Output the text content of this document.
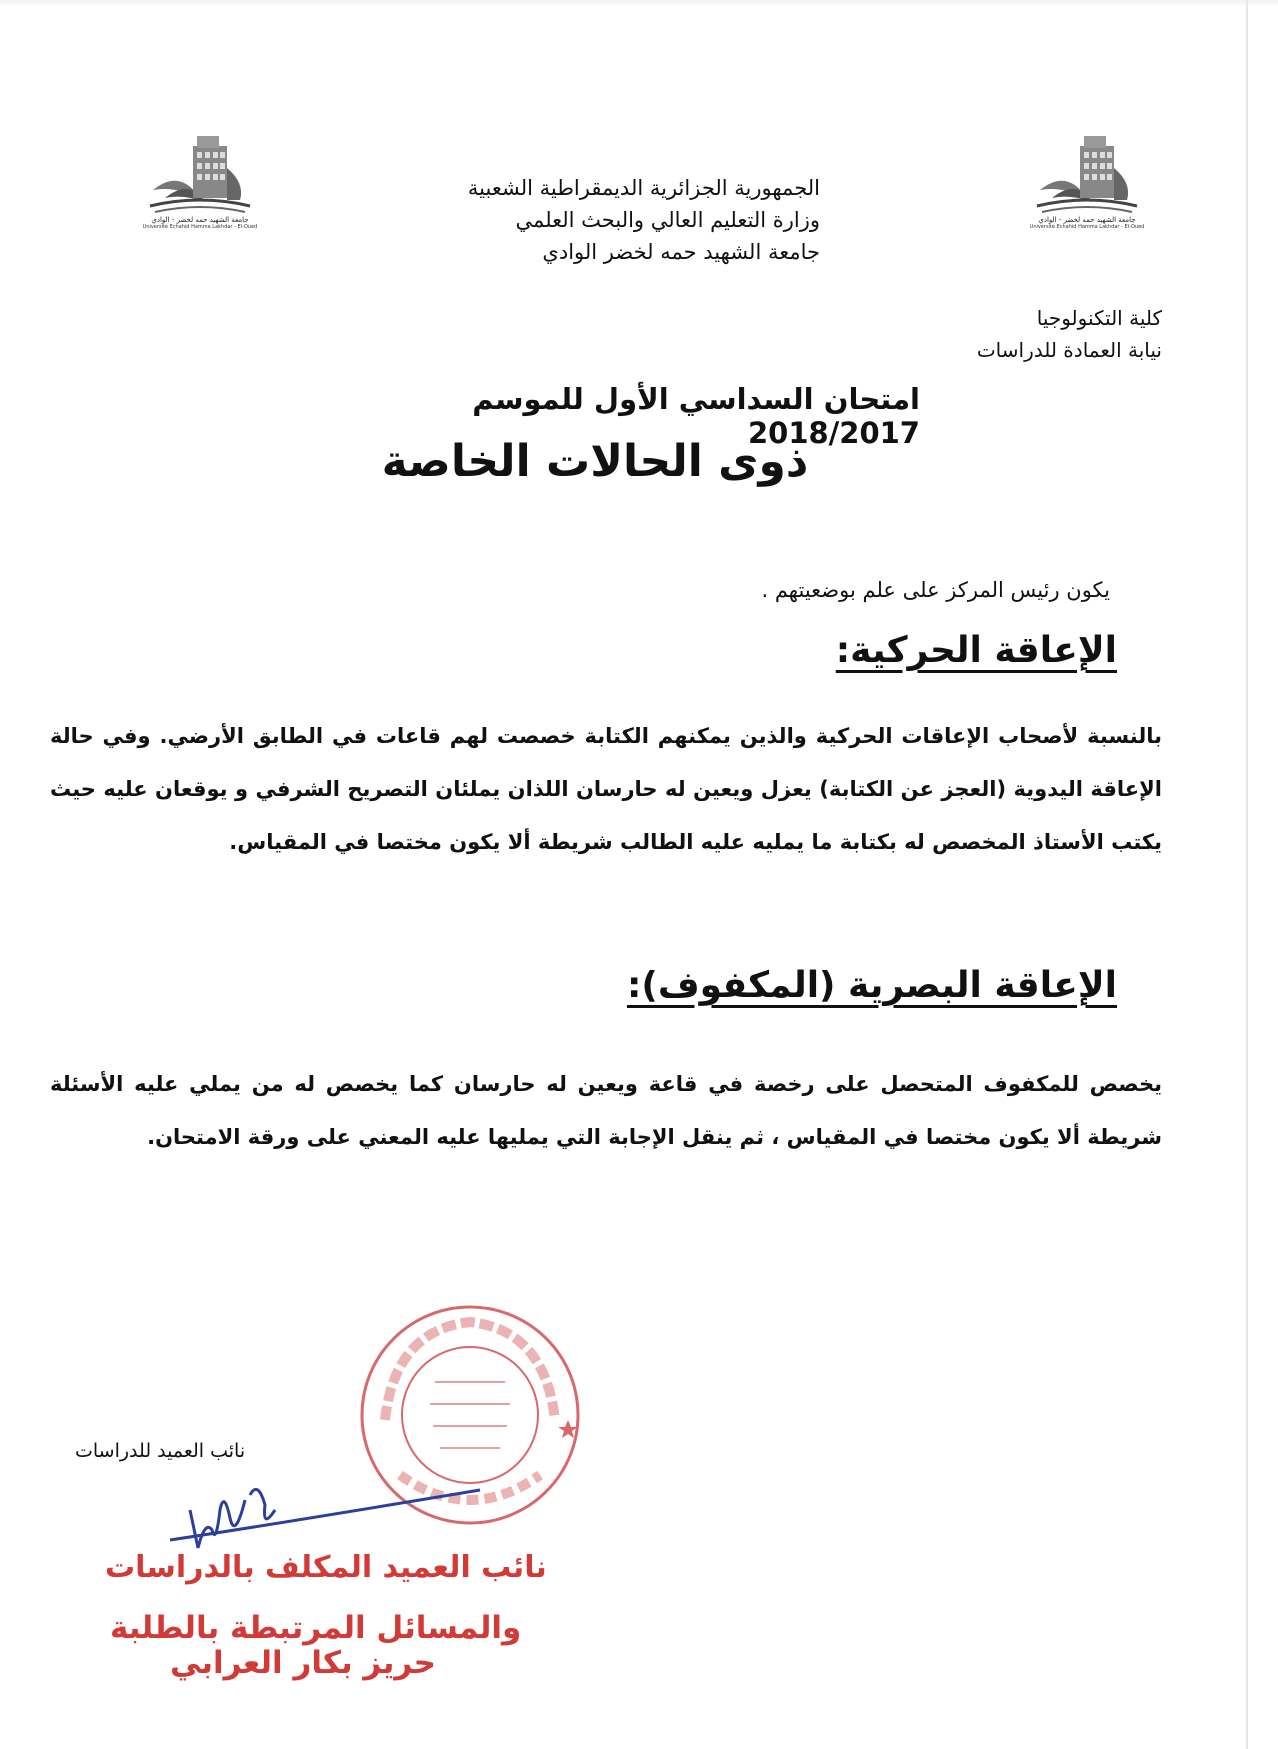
جامعة الشهيد حمه لخضر - الوادي
Université Echahid Hamma Lakhdar - El-Oued
جامعة الشهيد حمه لخضر - الوادي
Université Echahid Hamma Lakhdar - El-Oued
الجمهورية الجزائرية الديمقراطية الشعبية
وزارة التعليم العالي والبحث العلمي
جامعة الشهيد حمه لخضر الوادي
كلية التكنولوجيا
نيابة العمادة للدراسات
امتحان السداسي الأول للموسم 2018/2017
ذوى الحالات الخاصة
يكون رئيس المركز على علم بوضعيتهم .
الإعاقة الحركية:
بالنسبة لأصحاب الإعاقات الحركية والذين يمكنهم الكتابة خصصت لهم قاعات في الطابق الأرضي. وفي حالة الإعاقة اليدوية (العجز عن الكتابة) يعزل ويعين له حارسان اللذان يملئان التصريح الشرفي و يوقعان عليه حيث يكتب الأستاذ المخصص له بكتابة ما يمليه عليه الطالب شريطة ألا يكون مختصا في المقياس.
الإعاقة البصرية (المكفوف):
يخصص للمكفوف المتحصل على رخصة في قاعة ويعين له حارسان كما يخصص له من يملي عليه الأسئلة شريطة ألا يكون مختصا في المقياس ، ثم ينقل الإجابة التي يمليها عليه المعني على ورقة الامتحان.
نائب العميد للدراسات
نائب العميد المكلف بالدراسات
والمسائل المرتبطة بالطلبة
حريز بكار العرابي
